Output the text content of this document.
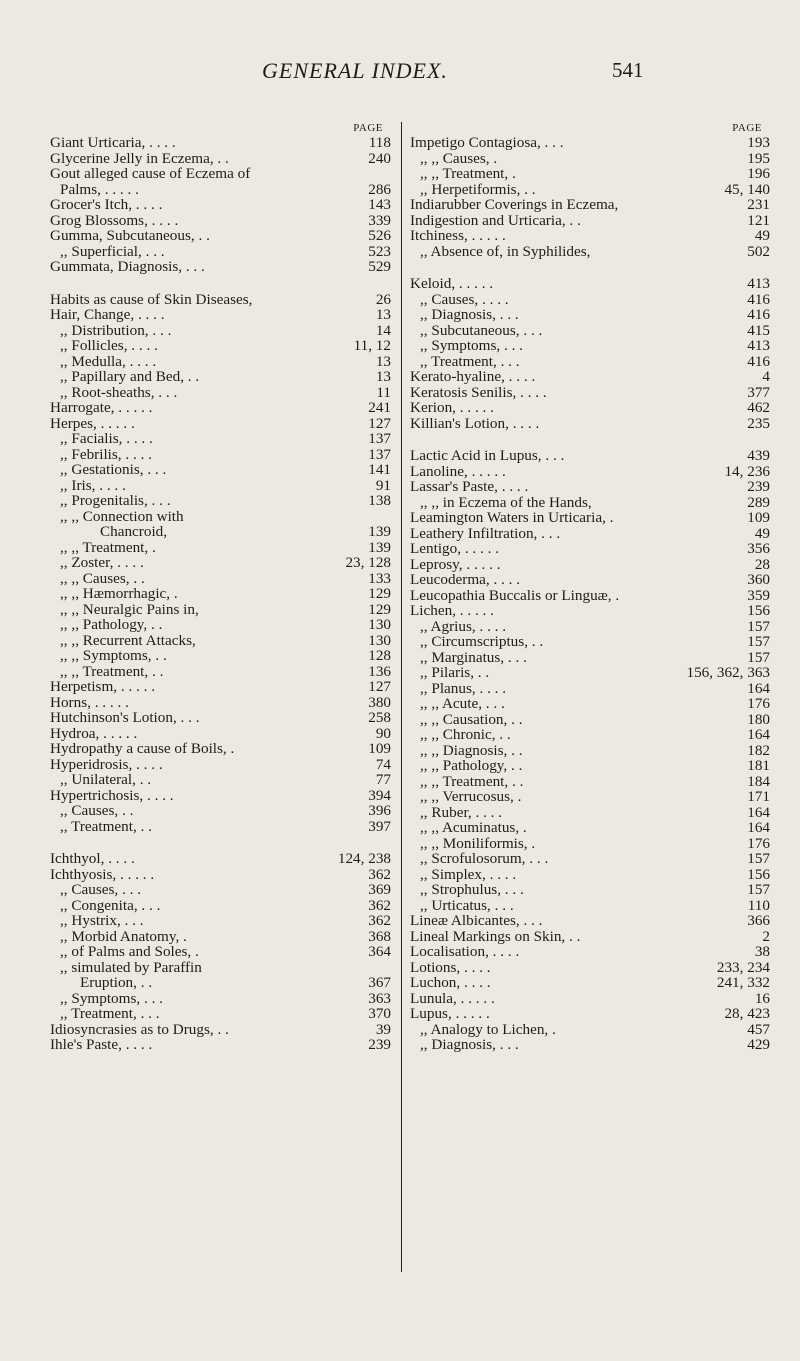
GENERAL INDEX.	541
PAGE
Giant Urticaria, . . . .	118
Glycerine Jelly in Eczema, . .	240
Gout alleged cause of Eczema of
Palms, . . . . .	286
Grocer's Itch, . . . .	143
Grog Blossoms, . . . .	339
Gumma, Subcutaneous, . .	526
,, Superficial, . . .	523
Gummata, Diagnosis, . . .	529
Habits as cause of Skin Diseases,	26
Hair, Change, . . . .	13
,, Distribution, . . .	14
,, Follicles, . . . .	11, 12
,, Medulla, . . . .	13
,, Papillary and Bed, . .	13
,, Root-sheaths, . . .	11
Harrogate, . . . . .	241
Herpes, . . . . .	127
,, Facialis, . . . .	137
,, Febrilis, . . . .	137
,, Gestationis, . . .	141
,, Iris, . . . .	91
,, Progenitalis, . . .	138
,, ,, Connection with
Chancroid,	139
,, ,, Treatment, .	139
,, Zoster, . . . .	23, 128
,, ,, Causes, . .	133
,, ,, Hæmorrhagic, .	129
,, ,, Neuralgic Pains in,	129
,, ,, Pathology, . .	130
,, ,, Recurrent Attacks,	130
,, ,, Symptoms, . .	128
,, ,, Treatment, . .	136
Herpetism, . . . . .	127
Horns, . . . . .	380
Hutchinson's Lotion, . . .	258
Hydroa, . . . . .	90
Hydropathy a cause of Boils, .	109
Hyperidrosis, . . . .	74
,, Unilateral, . .	77
Hypertrichosis, . . . .	394
,, Causes, . .	396
,, Treatment, . .	397
Ichthyol, . . . .	124, 238
Ichthyosis, . . . . .	362
,, Causes, . . .	369
,, Congenita, . . .	362
,, Hystrix, . . .	362
,, Morbid Anatomy, .	368
,, of Palms and Soles, .	364
,, simulated by Paraffin
Eruption, . .	367
,, Symptoms, . . .	363
,, Treatment, . . .	370
Idiosyncrasies as to Drugs, . .	39
Ihle's Paste, . . . .	239
PAGE
Impetigo Contagiosa, . . .	193
,, ,, Causes, .	195
,, ,, Treatment, .	196
,, Herpetiformis, . .	45, 140
Indiarubber Coverings in Eczema,	231
Indigestion and Urticaria, . .	121
Itchiness, . . . . .	49
,, Absence of, in Syphilides,	502
Keloid, . . . . .	413
,, Causes, . . . .	416
,, Diagnosis, . . .	416
,, Subcutaneous, . . .	415
,, Symptoms, . . .	413
,, Treatment, . . .	416
Kerato-hyaline, . . . .	4
Keratosis Senilis, . . . .	377
Kerion, . . . . .	462
Killian's Lotion, . . . .	235
Lactic Acid in Lupus, . . .	439
Lanoline, . . . . .	14, 236
Lassar's Paste, . . . .	239
,, ,, in Eczema of the Hands,	289
Leamington Waters in Urticaria, .	109
Leathery Infiltration, . . .	49
Lentigo, . . . . .	356
Leprosy, . . . . .	28
Leucoderma, . . . .	360
Leucopathia Buccalis or Linguæ, .	359
Lichen, . . . . .	156
,, Agrius, . . . .	157
,, Circumscriptus, . .	157
,, Marginatus, . . .	157
,, Pilaris, . .	156, 362, 363
,, Planus, . . . .	164
,, ,, Acute, . . .	176
,, ,, Causation, . .	180
,, ,, Chronic, . .	164
,, ,, Diagnosis, . .	182
,, ,, Pathology, . .	181
,, ,, Treatment, . .	184
,, ,, Verrucosus, .	171
,, Ruber, . . . .	164
,, ,, Acuminatus, .	164
,, ,, Moniliformis, .	176
,, Scrofulosorum, . . .	157
,, Simplex, . . . .	156
,, Strophulus, . . .	157
,, Urticatus, . . .	110
Lineæ Albicantes, . . .	366
Lineal Markings on Skin, . .	2
Localisation, . . . .	38
Lotions, . . . .	233, 234
Luchon, . . . .	241, 332
Lunula, . . . . .	16
Lupus, . . . . .	28, 423
,, Analogy to Lichen, .	457
,, Diagnosis, . . .	429
